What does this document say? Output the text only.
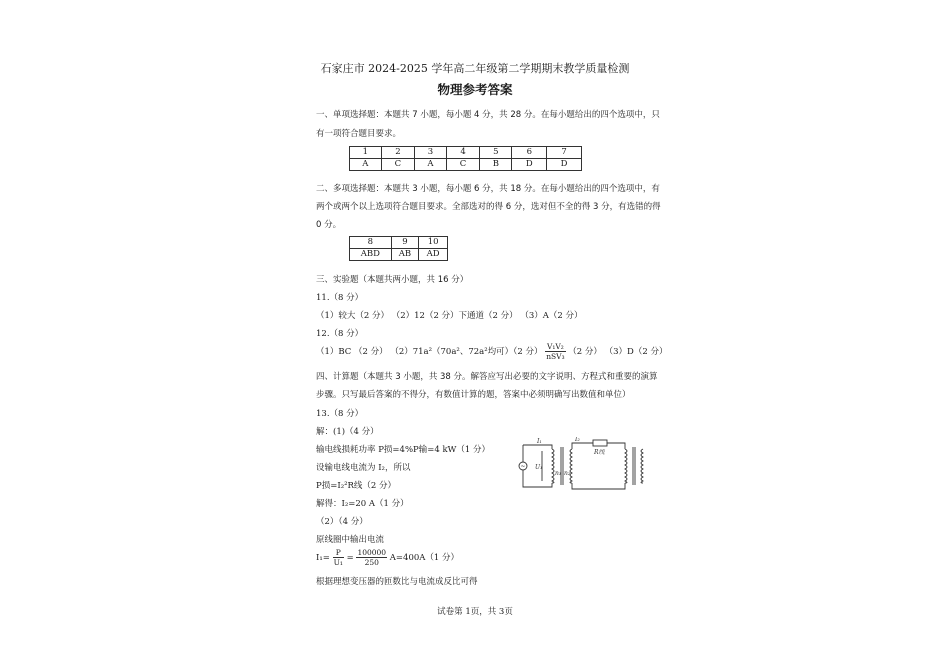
石家庄市 2024-2025 学年高二年级第二学期期末教学质量检测
物理参考答案
一、单项选择题：本题共 7 小题，每小题 4 分，共 28 分。在每小题给出的四个选项中，只
有一项符合题目要求。
1	2	3	4	5	6	7
A	C	A	C	B	D	D
二、多项选择题：本题共 3 小题，每小题 6 分，共 18 分。在每小题给出的四个选项中，有
两个或两个以上选项符合题目要求。全部选对的得 6 分，选对但不全的得 3 分，有选错的得
0 分。
8	9	10
ABD	AB	AD
三、实验题（本题共两小题，共 16 分）
11.（8 分）
（1）较大（2 分） （2）12（2 分）下通道（2 分） （3）A（2 分）
12.（8 分）
（1）BC （2 分） （2）71a²（70a²、72a²均可）（2 分） $\frac{\text{V₁V₂}}{\text{nSV₃}} (2$ 分） （3）D（2 分）
四、计算题（本题共 3 小题，共 38 分。解答应写出必要的文字说明、方程式和重要的演算
步骤。只写最后答案的不得分，有数值计算的题，答案中必须明确写出数值和单位）
13.（8 分）
解：(1)（4 分）
输电线损耗功率 P损=4%P输=4 kW（1 分）
设输电线电流为 I₂，所以
P损=I₂²R线（2 分）
解得：I₂=20 A（1 分）
（2）（4 分）
原线圈中输出电流
$I_1= \frac{P}{\text{U₁}} = \frac{100000}{250} A=400A(1$ 分）
根据理想变压器的匝数比与电流成反比可得
I₁	I₂
U₁
n₁ n₂
R线
~
试卷第 1页，共 3页
